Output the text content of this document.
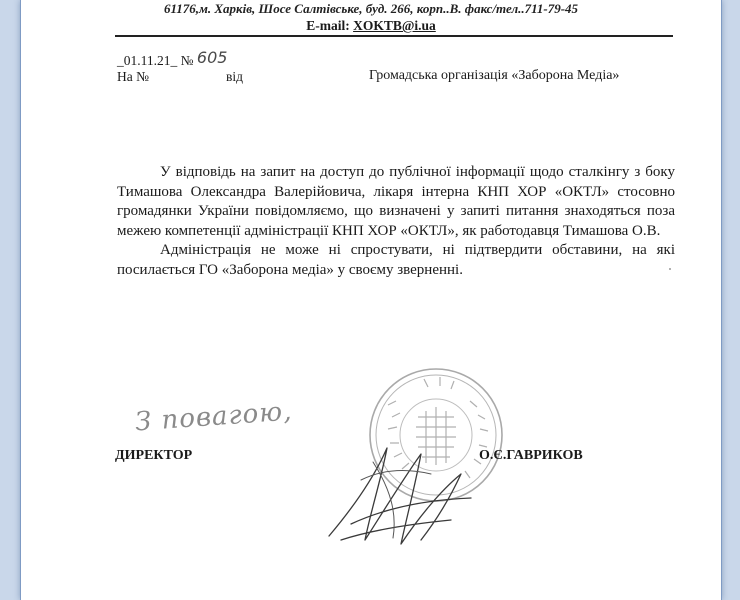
61176,м. Харків, Шосе Салтівське, буд. 266, корп..В. факс/тел..711-79-45
E-mail: XOKTB@i.ua
_01.11.21_ № 605
На №	від	Громадська організація «Заборона Медіа»

У відповідь на запит на доступ до публічної інформації щодо сталкінгу з боку Тимашова Олександра Валерійовича, лікаря інтерна КНП ХОР «ОКТЛ» стосовно громадянки України повідомляємо, що визначені у запиті питання знаходяться поза межею компетенції адміністрації КНП ХОР «ОКТЛ», як работодавця Тимашова О.В.

Адміністрація не може ні спростувати, ні підтвердити обставини, на які посилається ГО «Заборона медіа» у своєму зверненні.

З повагою,
ДИРЕКТОР	О.Є.ГАВРИКОВ
